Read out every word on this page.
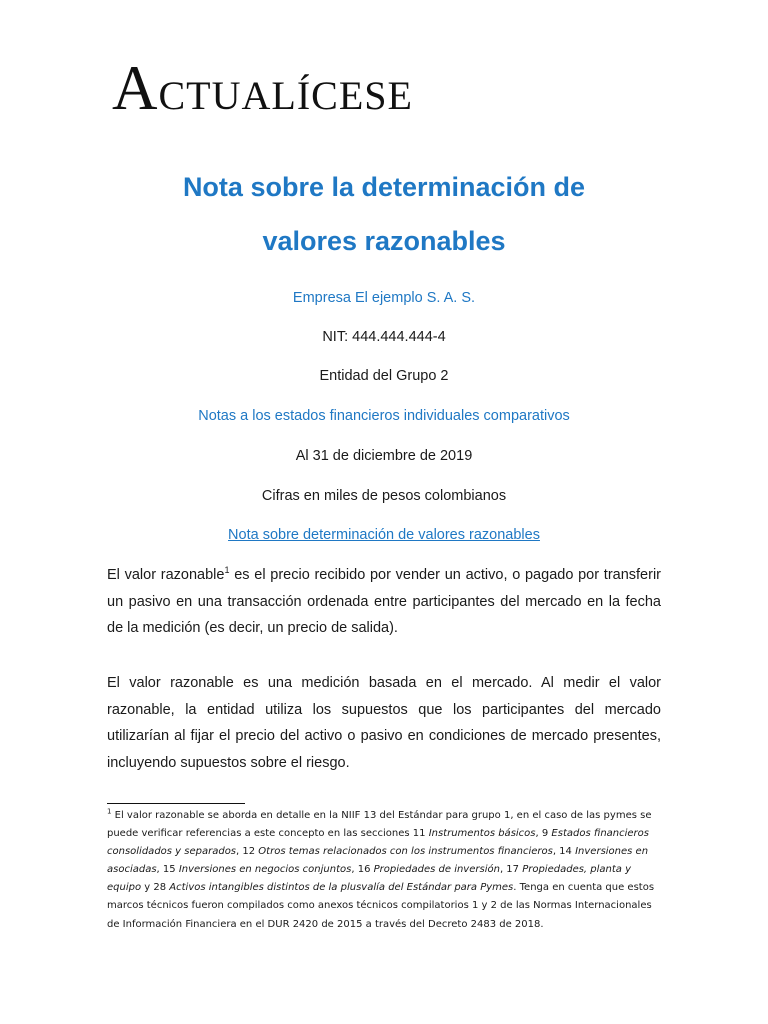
ACTUALÍCESE
Nota sobre la determinación de
valores razonables

Empresa El ejemplo S. A. S.

NIT: 444.444.444-4

Entidad del Grupo 2

Notas a los estados financieros individuales comparativos

Al 31 de diciembre de 2019

Cifras en miles de pesos colombianos

Nota sobre determinación de valores razonables

El valor razonable$^1$ es el precio recibido por vender un activo, o pagado por transferir un pasivo en una transacción ordenada entre participantes del mercado en la fecha de la medición (es decir, un precio de salida).

El valor razonable es una medición basada en el mercado. Al medir el valor razonable, la entidad utiliza los supuestos que los participantes del mercado utilizarían al fijar el precio del activo o pasivo en condiciones de mercado presentes, incluyendo supuestos sobre el riesgo.

$^1$ El valor razonable se aborda en detalle en la NIIF 13 del Estándar para grupo 1, en el caso de las pymes se puede verificar referencias a este concepto en las secciones 11 Instrumentos básicos, 9 Estados financieros consolidados y separados, 12 Otros temas relacionados con los instrumentos financieros, 14 Inversiones en asociadas, 15 Inversiones en negocios conjuntos, 16 Propiedades de inversión, 17 Propiedades, planta y equipo y 28 Activos intangibles distintos de la plusvalía del Estándar para Pymes. Tenga en cuenta que estos marcos técnicos fueron compilados como anexos técnicos compilatorios 1 y 2 de las Normas Internacionales de Información Financiera en el DUR 2420 de 2015 a través del Decreto 2483 de 2018.
